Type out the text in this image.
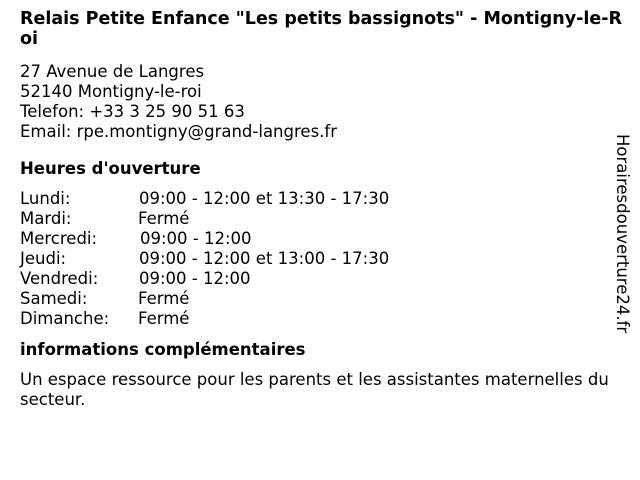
Relais Petite Enfance "Les petits bassignots" - Montigny-le-Roi
27 Avenue de Langres
52140 Montigny-le-roi
Telefon: +33 3 25 90 51 63
Email: rpe.montigny@grand-langres.fr
Heures d'ouverture
Lundi:	09:00 - 12:00 et 13:30 - 17:30
Mardi:	Fermé
Mercredi:	09:00 - 12:00
Jeudi:	09:00 - 12:00 et 13:00 - 17:30
Vendredi:	09:00 - 12:00
Samedi:	Fermé
Dimanche:	Fermé
informations complémentaires
Un espace ressource pour les parents et les assistantes maternelles du secteur.
Horairesdouverture24.fr
